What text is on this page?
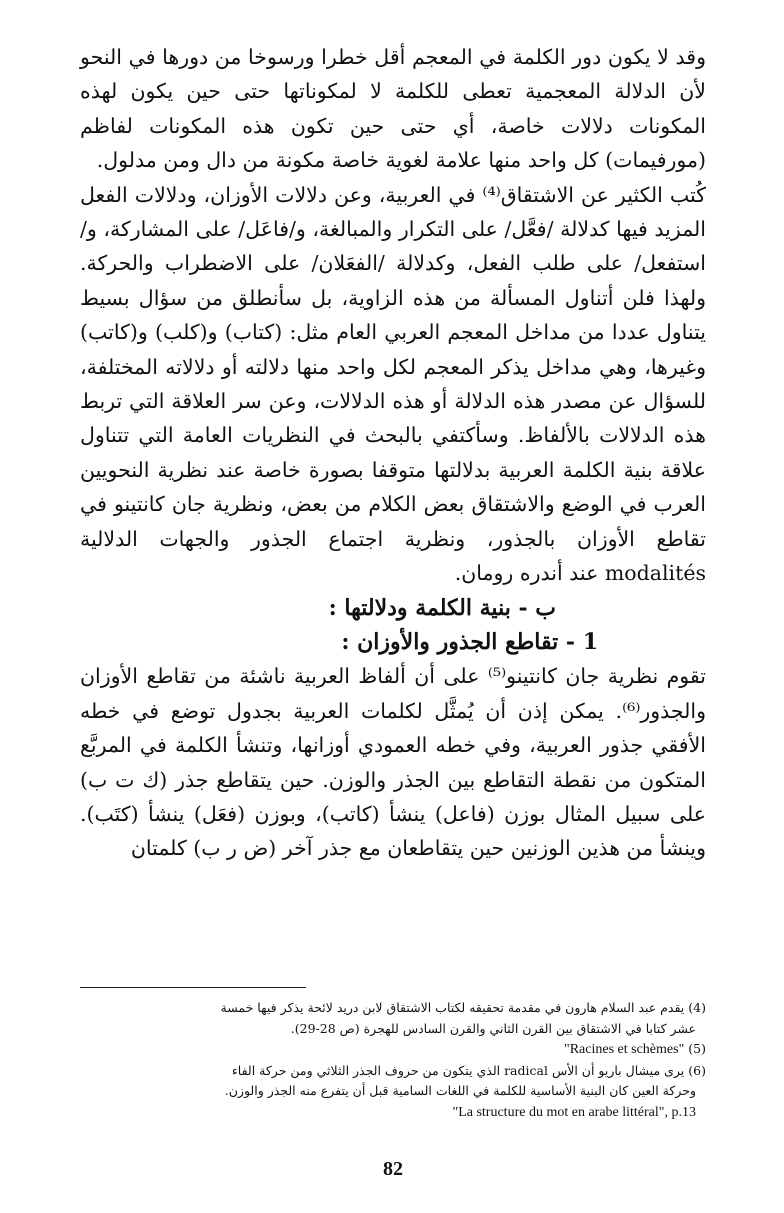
وقد لا يكون دور الكلمة في المعجم أقل خطرا ورسوخا من دورها في النحو لأن الدلالة المعجمية تعطى للكلمة لا لمكوناتها حتى حين يكون لهذه المكونات دلالات خاصة، أي حتى حين تكون هذه المكونات لفاظم (مورفيمات) كل واحد منها علامة لغوية خاصة مكونة من دال ومن مدلول.

كُتب الكثير عن الاشتقاق⁽⁴⁾ في العربية، وعن دلالات الأوزان، ودلالات الفعل المزيد فيها كدلالة /فعَّل/ على التكرار والمبالغة، و/فاعَل/ على المشاركة، و/استفعل/ على طلب الفعل، وكدلالة /الفعَلان/ على الاضطراب والحركة. ولهذا فلن أتناول المسألة من هذه الزاوية، بل سأنطلق من سؤال بسيط يتناول عددا من مداخل المعجم العربي العام مثل: (كتاب) و(كلب) و(كاتب) وغيرها، وهي مداخل يذكر المعجم لكل واحد منها دلالته أو دلالاته المختلفة، للسؤال عن مصدر هذه الدلالة أو هذه الدلالات، وعن سر العلاقة التي تربط هذه الدلالات بالألفاظ. وسأكتفي بالبحث في النظريات العامة التي تتناول علاقة بنية الكلمة العربية بدلالتها متوقفا بصورة خاصة عند نظرية النحويين العرب في الوضع والاشتقاق بعض الكلام من بعض، ونظرية جان كانتينو في تقاطع الأوزان بالجذور، ونظرية اجتماع الجذور والجهات الدلالية modalités عند أندره رومان.

ب - بنية الكلمة ودلالتها :

1 - تقاطع الجذور والأوزان :

تقوم نظرية جان كانتينو⁽⁵⁾ على أن ألفاظ العربية ناشئة من تقاطع الأوزان والجذور⁽⁶⁾. يمكن إذن أن يُمثَّل لكلمات العربية بجدول توضع في خطه الأفقي جذور العربية، وفي خطه العمودي أوزانها، وتنشأ الكلمة في المربَّع المتكون من نقطة التقاطع بين الجذر والوزن. حين يتقاطع جذر (ك ت ب) على سبيل المثال بوزن (فاعل) ينشأ (كاتب)، وبوزن (فعَل) ينشأ (كتَب). وينشأ من هذين الوزنين حين يتقاطعان مع جذر آخر (ض ر ب) كلمتان

(4) يقدم عبد السلام هارون في مقدمة تحقيقه لكتاب الاشتقاق لابن دريد لائحة يذكر فيها خمسة

عشر كتابا في الاشتقاق بين القرن الثاني والقرن السادس للهجرة (ص 28-29).

(5) "Racines et schèmes"

(6) يرى ميشال باريو أن الأس radical الذي يتكون من حروف الجذر الثلاثي ومن حركة الفاء

وحركة العين كان البنية الأساسية للكلمة في اللغات السامية قبل أن يتفرع منه الجذر والوزن.

"La structure du mot en arabe littéral", p.13

82
